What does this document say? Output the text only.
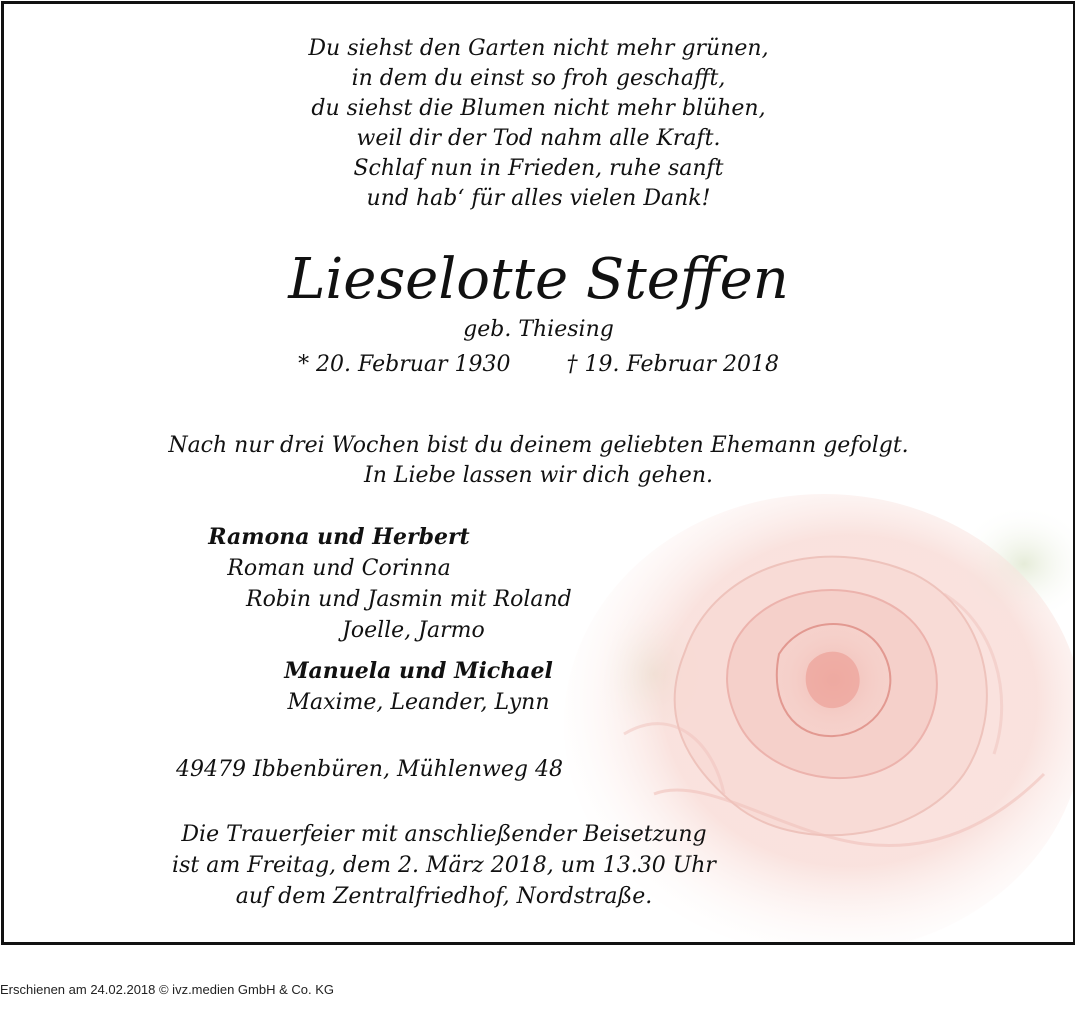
Du siehst den Garten nicht mehr grünen,
in dem du einst so froh geschafft,
du siehst die Blumen nicht mehr blühen,
weil dir der Tod nahm alle Kraft.
Schlaf nun in Frieden, ruhe sanft
und hab‘ für alles vielen Dank!
Lieselotte Steffen
geb. Thiesing
* 20. Februar 1930	† 19. Februar 2018
Nach nur drei Wochen bist du deinem geliebten Ehemann gefolgt.
In Liebe lassen wir dich gehen.
Ramona und Herbert
Roman und Corinna
Robin und Jasmin mit Roland
Joelle, Jarmo
Manuela und Michael
Maxime, Leander, Lynn
49479 Ibbenbüren, Mühlenweg 48
Die Trauerfeier mit anschließender Beisetzung
ist am Freitag, dem 2. März 2018, um 13.30 Uhr
auf dem Zentralfriedhof, Nordstraße.
Erschienen am 24.02.2018 © ivz.medien GmbH & Co. KG
